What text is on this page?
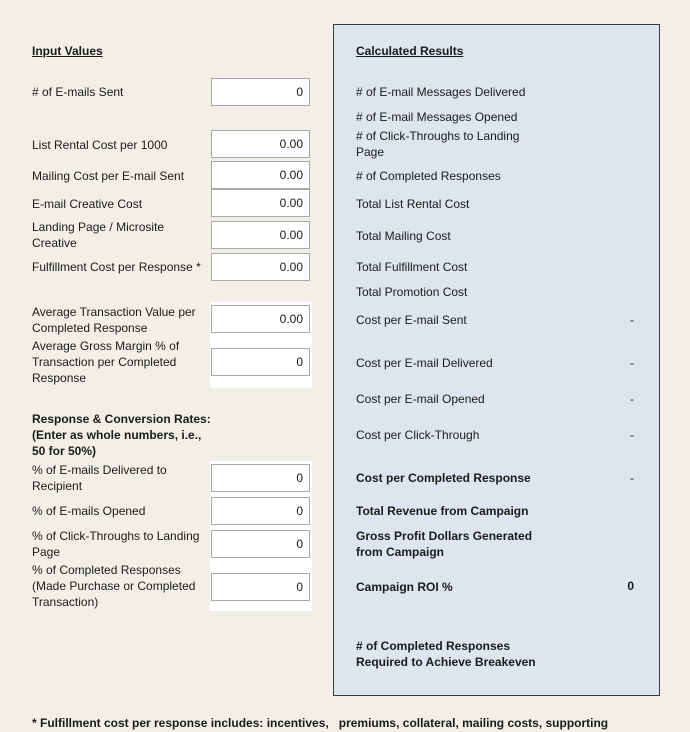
Input Values
# of E-mails Sent
0
List Rental Cost per 1000
0.00
Mailing Cost per E-mail Sent
0.00
E-mail Creative Cost
0.00
Landing Page / Microsite Creative
0.00
Fulfillment Cost per Response *
0.00
Average Transaction Value per Completed Response
0.00
Average Gross Margin % of Transaction per Completed Response
0
Response & Conversion Rates: (Enter as whole numbers, i.e., 50 for 50%)
% of E-mails Delivered to Recipient
0
% of E-mails Opened
0
% of Click-Throughs to Landing Page
0
% of Completed Responses (Made Purchase or Completed Transaction)
0
Calculated Results
# of E-mail Messages Delivered
# of E-mail Messages Opened
# of Click-Throughs to Landing Page
# of Completed Responses
Total List Rental Cost
Total Mailing Cost
Total Fulfillment Cost
Total Promotion Cost
Cost per E-mail Sent	-
Cost per E-mail Delivered	-
Cost per E-mail Opened	-
Cost per Click-Through	-
Cost per Completed Response	-
Total Revenue from Campaign
Gross Profit Dollars Generated from Campaign
Campaign ROI %	0
# of Completed Responses Required to Achieve Breakeven
* Fulfillment cost per response includes: incentives,   premiums, collateral, mailing costs, supporting
